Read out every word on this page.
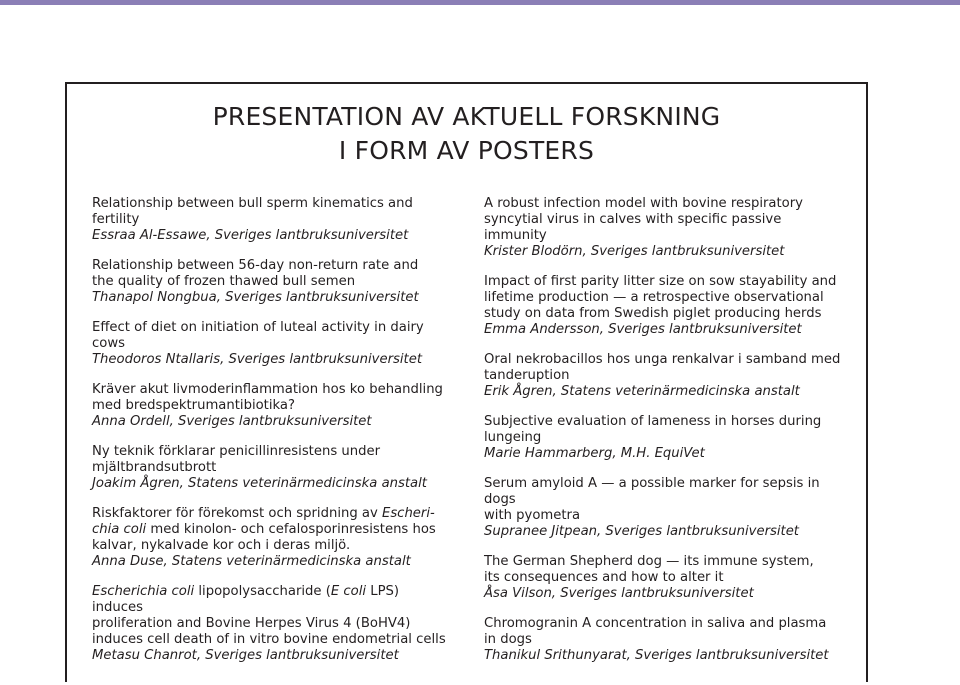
PRESENTATION AV AKTUELL FORSKNING
I FORM AV POSTERS
Relationship between bull sperm kinematics and
fertility
Essraa Al-Essawe, Sveriges lantbruksuniversitet
Relationship between 56-day non-return rate and
the quality of frozen thawed bull semen
Thanapol Nongbua, Sveriges lantbruksuniversitet
Effect of diet on initiation of luteal activity in dairy
cows
Theodoros Ntallaris, Sveriges lantbruksuniversitet
Kräver akut livmoderinflammation hos ko behandling
med bredspektrumantibiotika?
Anna Ordell, Sveriges lantbruksuniversitet
Ny teknik förklarar penicillinresistens under
mjältbrandsutbrott
Joakim Ågren, Statens veterinärmedicinska anstalt
Riskfaktorer för förekomst och spridning av Escheri-
chia coli med kinolon- och cefalosporinresistens hos
kalvar, nykalvade kor och i deras miljö.
Anna Duse, Statens veterinärmedicinska anstalt
Escherichia coli lipopolysaccharide (E coli LPS) induces
proliferation and Bovine Herpes Virus 4 (BoHV4)
induces cell death of in vitro bovine endometrial cells
Metasu Chanrot, Sveriges lantbruksuniversitet
A robust infection model with bovine respiratory
syncytial virus in calves with specific passive immunity
Krister Blodörn, Sveriges lantbruksuniversitet
Impact of first parity litter size on sow stayability and
lifetime production — a retrospective observational
study on data from Swedish piglet producing herds
Emma Andersson, Sveriges lantbruksuniversitet
Oral nekrobacillos hos unga renkalvar i samband med
tanderuption
Erik Ågren, Statens veterinärmedicinska anstalt
Subjective evaluation of lameness in horses during
lungeing
Marie Hammarberg, M.H. EquiVet
Serum amyloid A — a possible marker for sepsis in dogs
with pyometra
Supranee Jitpean, Sveriges lantbruksuniversitet
The German Shepherd dog — its immune system,
its consequences and how to alter it
Åsa Vilson, Sveriges lantbruksuniversitet
Chromogranin A concentration in saliva and plasma
in dogs
Thanikul Srithunyarat, Sveriges lantbruksuniversitet
